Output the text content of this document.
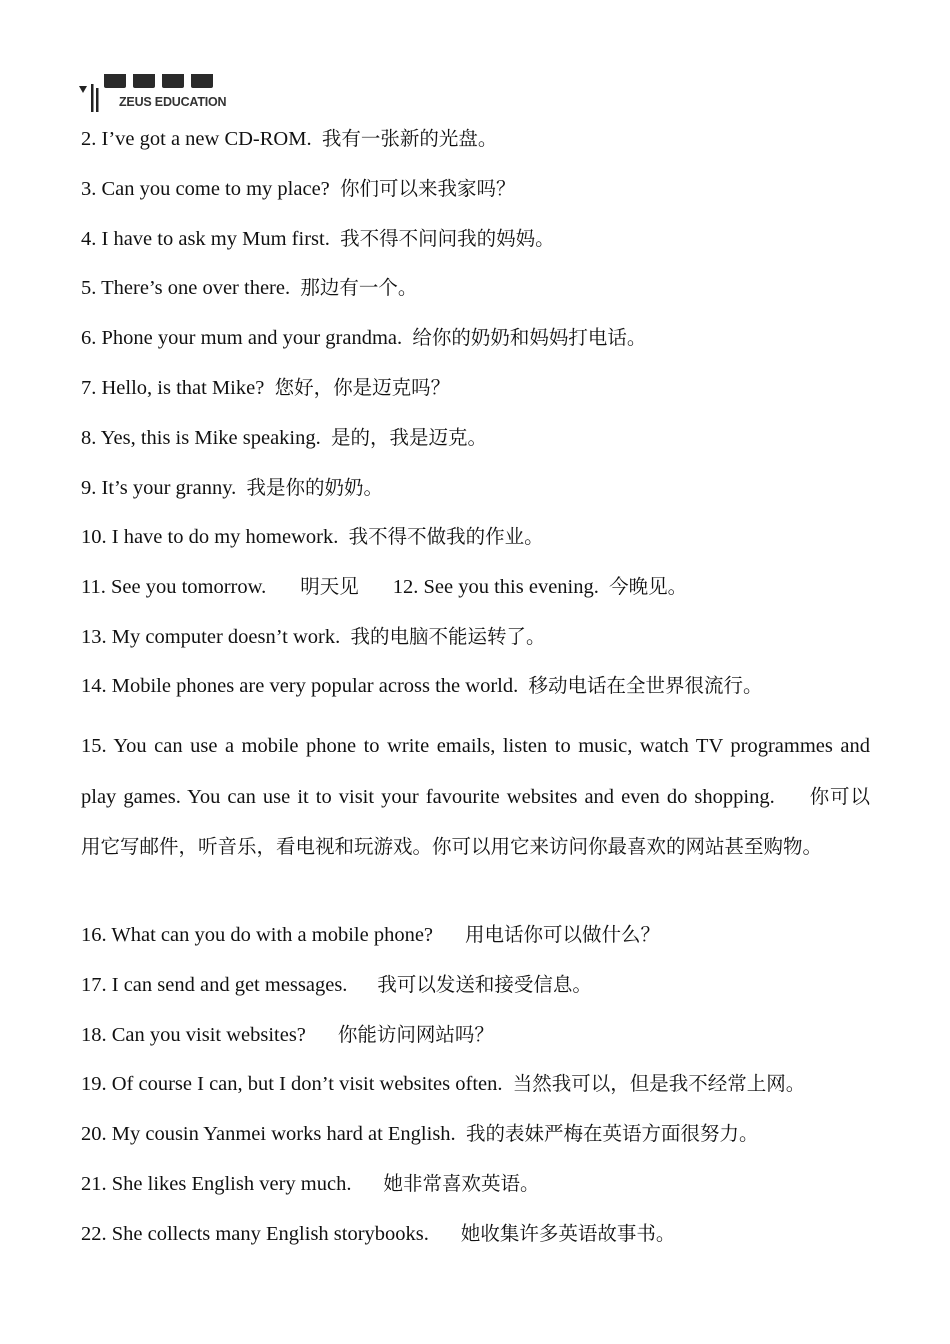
ZEUS EDUCATION
2. I’ve got a new CD-ROM. 我有一张新的光盘。
3. Can you come to my place? 你们可以来我家吗？
4. I have to ask my Mum first. 我不得不问问我的妈妈。
5. There’s one over there. 那边有一个。
6. Phone your mum and your grandma. 给你的奶奶和妈妈打电话。
7. Hello, is that Mike? 您好，你是迈克吗？
8. Yes, this is Mike speaking. 是的，我是迈克。
9. It’s your granny. 我是你的奶奶。
10. I have to do my homework. 我不得不做我的作业。
11. See you tomorrow. 明天见 12. See you this evening. 今晚见。
13. My computer doesn’t work. 我的电脑不能运转了。
14. Mobile phones are very popular across the world. 移动电话在全世界很流行。
15. You can use a mobile phone to write emails, listen to music, watch TV programmes and play games. You can use it to visit your favourite websites and even do shopping. 你可以用它写邮件，听音乐，看电视和玩游戏。你可以用它来访问你最喜欢的网站甚至购物。
16. What can you do with a mobile phone? 用电话你可以做什么？
17. I can send and get messages. 我可以发送和接受信息。
18. Can you visit websites? 你能访问网站吗？
19. Of course I can, but I don’t visit websites often. 当然我可以，但是我不经常上网。
20. My cousin Yanmei works hard at English. 我的表妹严梅在英语方面很努力。
21. She likes English very much. 她非常喜欢英语。
22. She collects many English storybooks. 她收集许多英语故事书。
